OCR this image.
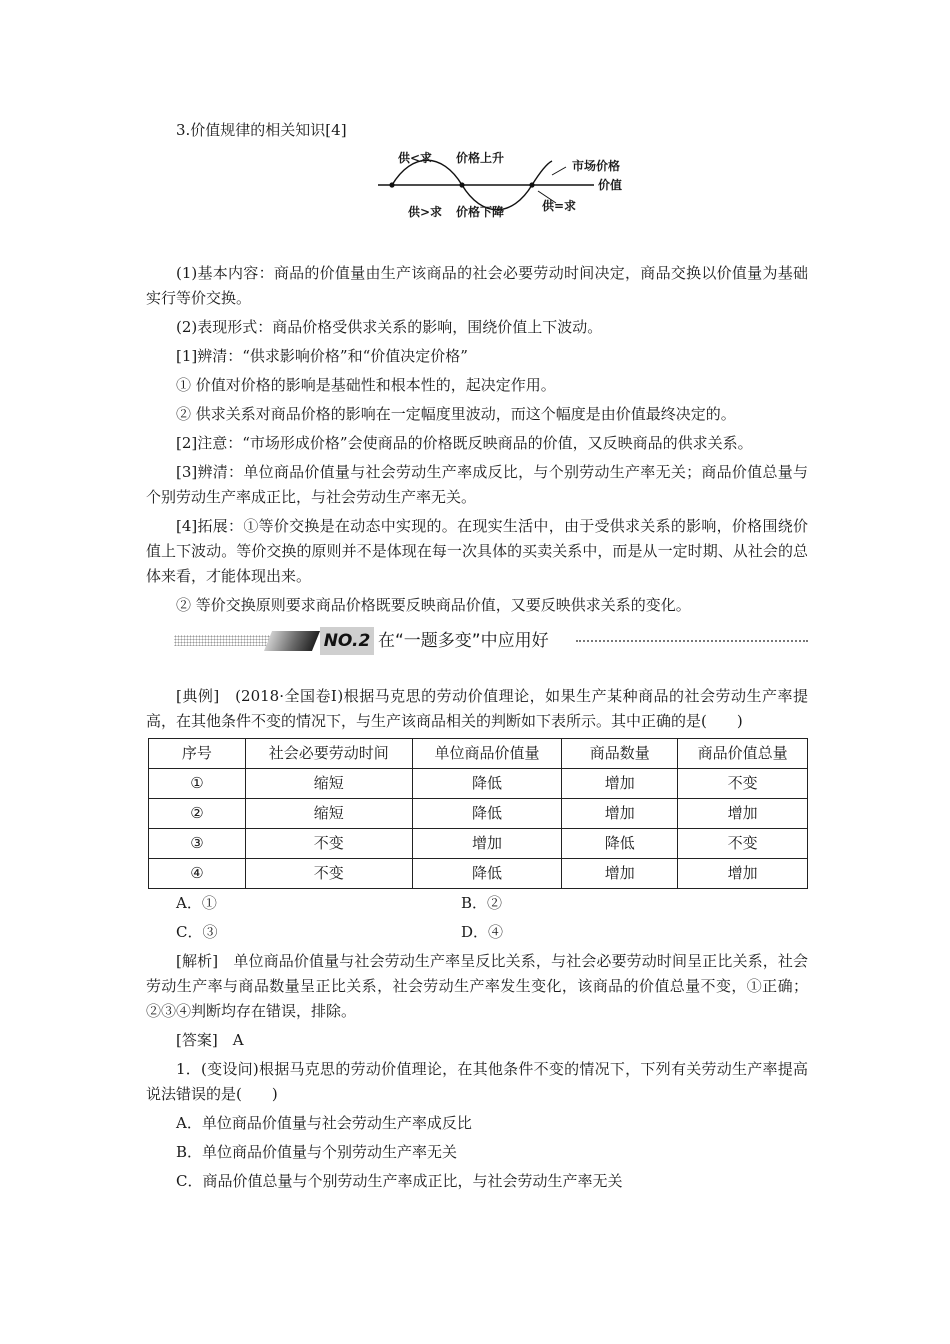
3.价值规律的相关知识[4]
供<求 价格上升
市场价格
价值
供>求 价格下降	供=求
(1)基本内容：商品的价值量由生产该商品的社会必要劳动时间决定，商品交换以价值量为基础实行等价交换。
(2)表现形式：商品价格受供求关系的影响，围绕价值上下波动。
[1]辨清：“供求影响价格”和“价值决定价格”
① 价值对价格的影响是基础性和根本性的，起决定作用。
② 供求关系对商品价格的影响在一定幅度里波动，而这个幅度是由价值最终决定的。
[2]注意：“市场形成价格”会使商品的价格既反映商品的价值，又反映商品的供求关系。
[3]辨清：单位商品价值量与社会劳动生产率成反比，与个别劳动生产率无关；商品价值总量与个别劳动生产率成正比，与社会劳动生产率无关。
[4]拓展：①等价交换是在动态中实现的。在现实生活中，由于受供求关系的影响，价格围绕价值上下波动。等价交换的原则并不是体现在每一次具体的买卖关系中，而是从一定时期、从社会的总体来看，才能体现出来。
② 等价交换原则要求商品价格既要反映商品价值，又要反映供求关系的变化。
NO.2 在“一题多变”中应用好
[典例]　(2018·全国卷Ⅰ)根据马克思的劳动价值理论，如果生产某种商品的社会劳动生产率提高，在其他条件不变的情况下，与生产该商品相关的判断如下表所示。其中正确的是(　　)
序号	社会必要劳动时间	单位商品价值量	商品数量	商品价值总量
①	缩短	降低	增加	不变
②	缩短	降低	增加	增加
③	不变	增加	降低	不变
④	不变	降低	增加	增加
A．①	B．②
C．③	D．④
[解析]　单位商品价值量与社会劳动生产率呈反比关系，与社会必要劳动时间呈正比关系，社会劳动生产率与商品数量呈正比关系，社会劳动生产率发生变化，该商品的价值总量不变，①正确；②③④判断均存在错误，排除。
[答案]　A
1．(变设问)根据马克思的劳动价值理论，在其他条件不变的情况下，下列有关劳动生产率提高说法错误的是(　　)
A．单位商品价值量与社会劳动生产率成反比
B．单位商品价值量与个别劳动生产率无关
C．商品价值总量与个别劳动生产率成正比，与社会劳动生产率无关
